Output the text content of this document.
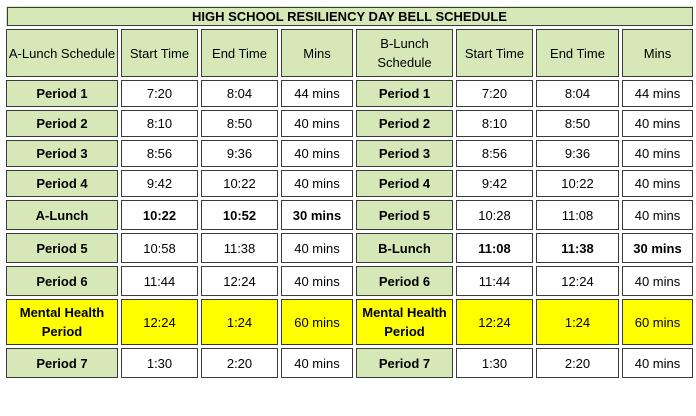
HIGH SCHOOL RESILIENCY DAY BELL SCHEDULE							
A-Lunch Schedule	Start Time	End Time	Mins	B-Lunch Schedule	Start Time	End Time	Mins
Period 1	7:20	8:04	44 mins	Period 1	7:20	8:04	44 mins
Period 2	8:10	8:50	40 mins	Period 2	8:10	8:50	40 mins
Period 3	8:56	9:36	40 mins	Period 3	8:56	9:36	40 mins
Period 4	9:42	10:22	40 mins	Period 4	9:42	10:22	40 mins
A-Lunch	10:22	10:52	30 mins	Period 5	10:28	11:08	40 mins
Period 5	10:58	11:38	40 mins	B-Lunch	11:08	11:38	30 mins
Period 6	11:44	12:24	40 mins	Period 6	11:44	12:24	40 mins
Mental Health Period	12:24	1:24	60 mins	Mental Health Period	12:24	1:24	60 mins
Period 7	1:30	2:20	40 mins	Period 7	1:30	2:20	40 mins
